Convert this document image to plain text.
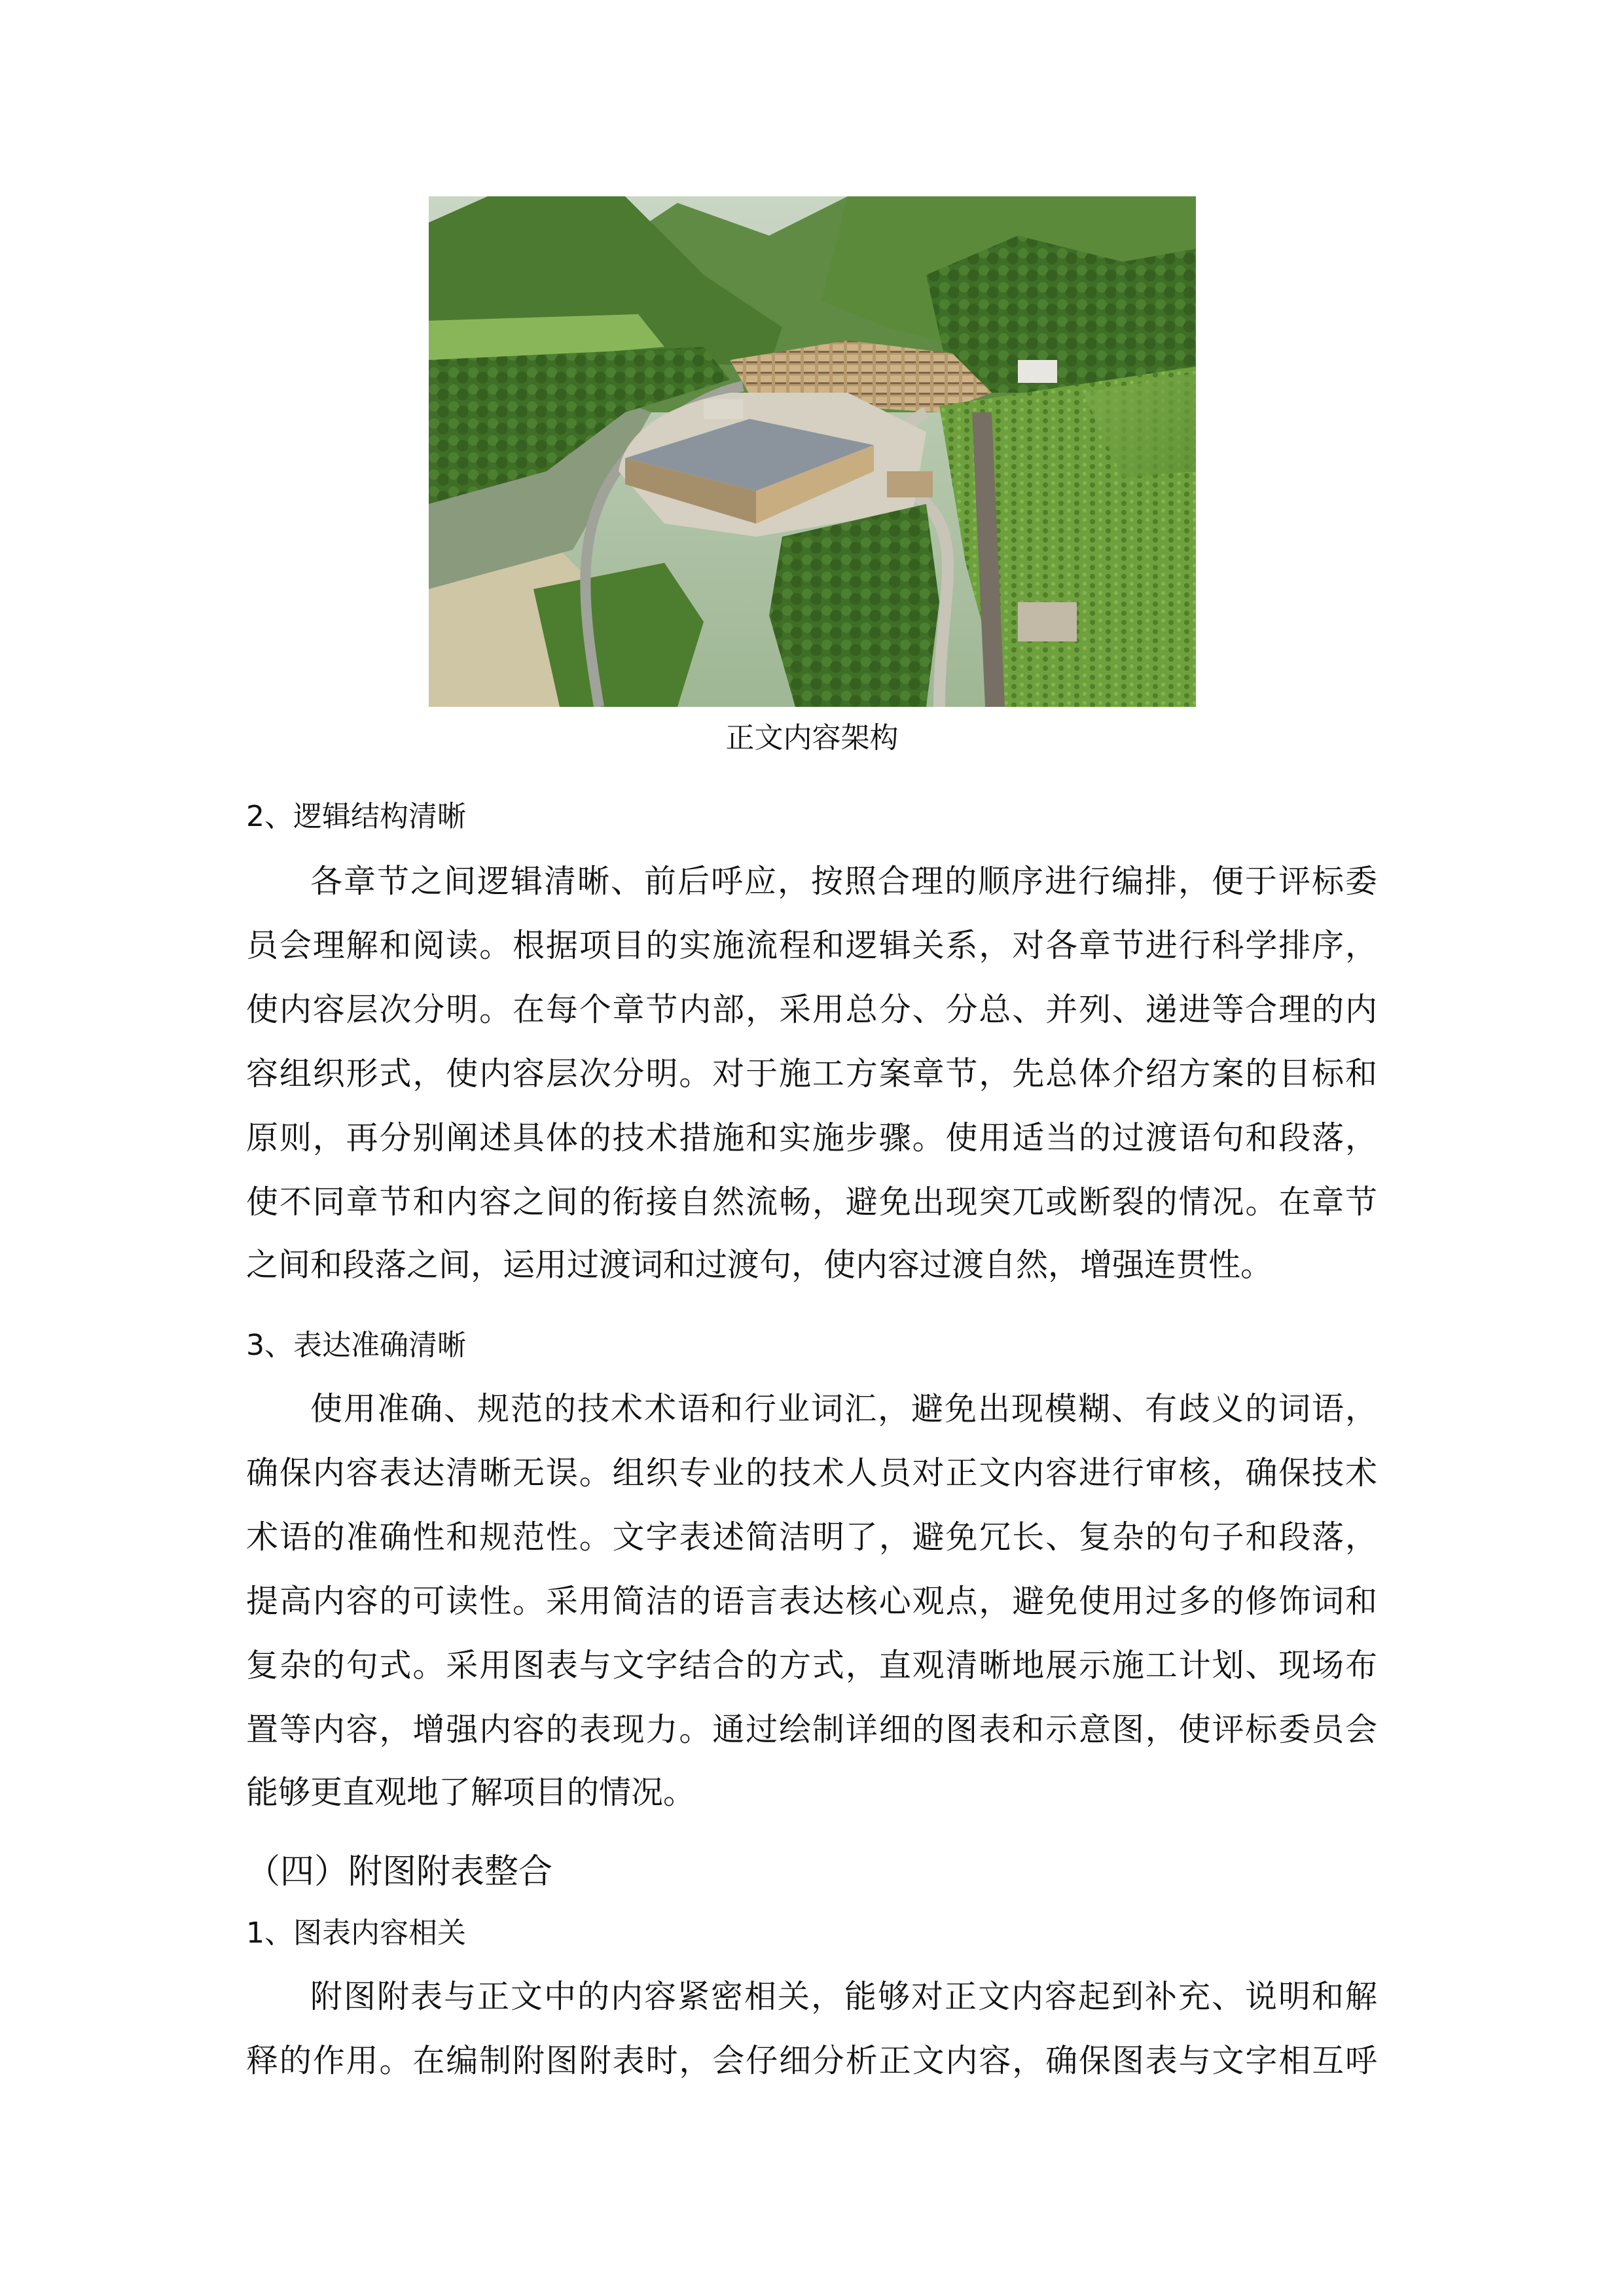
正文内容架构
2、逻辑结构清晰
各章节之间逻辑清晰、前后呼应，按照合理的顺序进行编排，便于评标委
员会理解和阅读。根据项目的实施流程和逻辑关系，对各章节进行科学排序，
使内容层次分明。在每个章节内部，采用总分、分总、并列、递进等合理的内
容组织形式，使内容层次分明。对于施工方案章节，先总体介绍方案的目标和
原则，再分别阐述具体的技术措施和实施步骤。使用适当的过渡语句和段落，
使不同章节和内容之间的衔接自然流畅，避免出现突兀或断裂的情况。在章节
之间和段落之间，运用过渡词和过渡句，使内容过渡自然，增强连贯性。
3、表达准确清晰
使用准确、规范的技术术语和行业词汇，避免出现模糊、有歧义的词语，
确保内容表达清晰无误。组织专业的技术人员对正文内容进行审核，确保技术
术语的准确性和规范性。文字表述简洁明了，避免冗长、复杂的句子和段落，
提高内容的可读性。采用简洁的语言表达核心观点，避免使用过多的修饰词和
复杂的句式。采用图表与文字结合的方式，直观清晰地展示施工计划、现场布
置等内容，增强内容的表现力。通过绘制详细的图表和示意图，使评标委员会
能够更直观地了解项目的情况。
（四）附图附表整合
1、图表内容相关
附图附表与正文中的内容紧密相关，能够对正文内容起到补充、说明和解
释的作用。在编制附图附表时，会仔细分析正文内容，确保图表与文字相互呼
